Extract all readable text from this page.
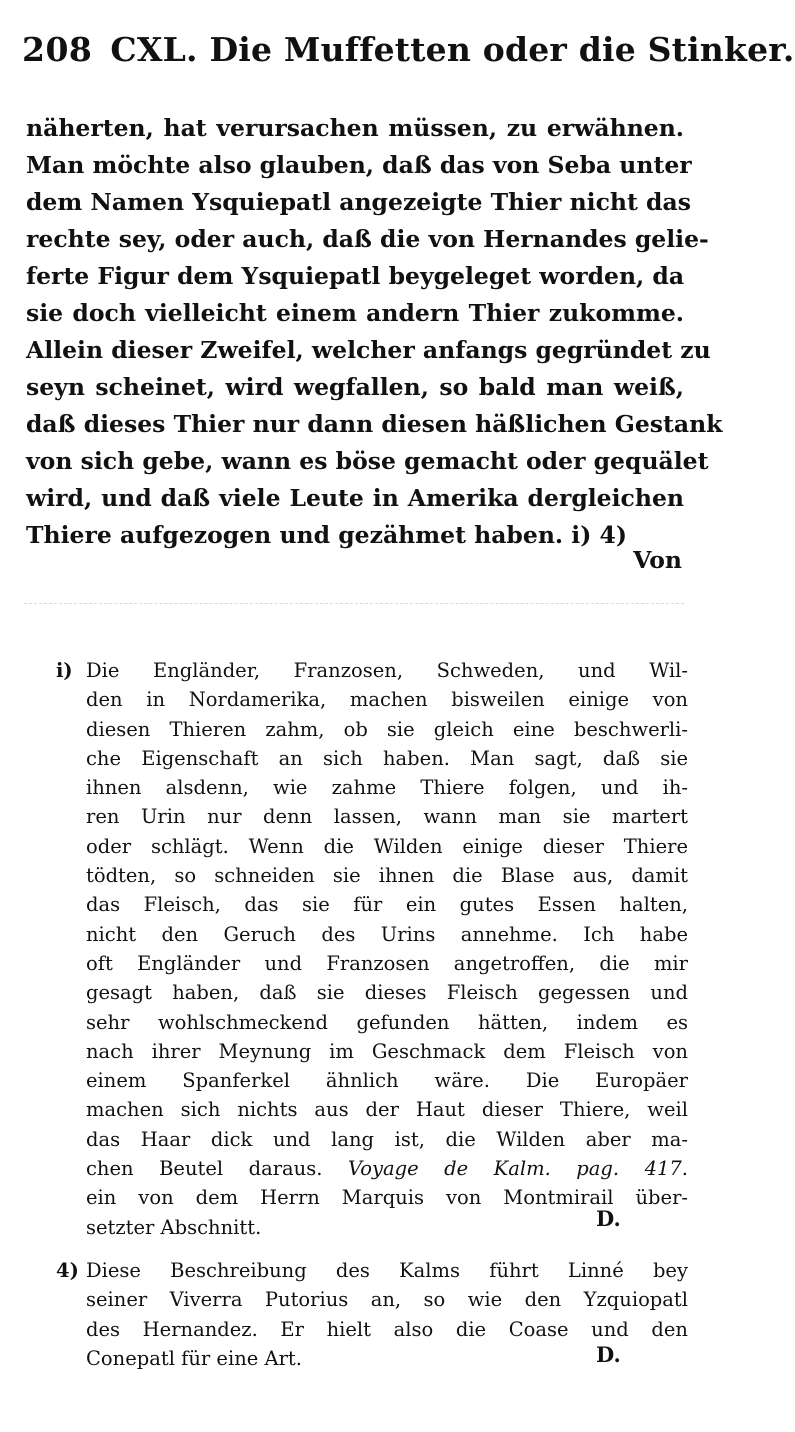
208 CXL. Die Muffetten oder die Stinker.
näherten, hat verursachen müssen, zu erwähnen.
Man möchte also glauben, daß das von Seba unter
dem Namen Ysquiepatl angezeigte Thier nicht das
rechte sey, oder auch, daß die von Hernandes gelie-
ferte Figur dem Ysquiepatl beygeleget worden, da
sie doch vielleicht einem andern Thier zukomme.
Allein dieser Zweifel, welcher anfangs gegründet zu
seyn scheinet, wird wegfallen, so bald man weiß,
daß dieses Thier nur dann diesen häßlichen Gestank
von sich gebe, wann es böse gemacht oder gequälet
wird, und daß viele Leute in Amerika dergleichen
Thiere aufgezogen und gezähmet haben. i) 4)
Von
i) Die Engländer, Franzosen, Schweden, und Wil-
den in Nordamerika, machen bisweilen einige von
diesen Thieren zahm, ob sie gleich eine beschwerli-
che Eigenschaft an sich haben. Man sagt, daß sie
ihnen alsdenn, wie zahme Thiere folgen, und ih-
ren Urin nur denn lassen, wann man sie martert
oder schlägt. Wenn die Wilden einige dieser Thiere
tödten, so schneiden sie ihnen die Blase aus, damit
das Fleisch, das sie für ein gutes Essen halten,
nicht den Geruch des Urins annehme. Ich habe
oft Engländer und Franzosen angetroffen, die mir
gesagt haben, daß sie dieses Fleisch gegessen und
sehr wohlschmeckend gefunden hätten, indem es
nach ihrer Meynung im Geschmack dem Fleisch von
einem Spanferkel ähnlich wäre. Die Europäer
machen sich nichts aus der Haut dieser Thiere, weil
das Haar dick und lang ist, die Wilden aber ma-
chen Beutel daraus. Voyage de Kalm. pag. 417.
ein von dem Herrn Marquis von Montmirail über-
setzter Abschnitt.	D.
4) Diese Beschreibung des Kalms führt Linné bey
seiner Viverra Putorius an, so wie den Yzquiopatl
des Hernandez. Er hielt also die Coase und den
Conepatl für eine Art.	D.
